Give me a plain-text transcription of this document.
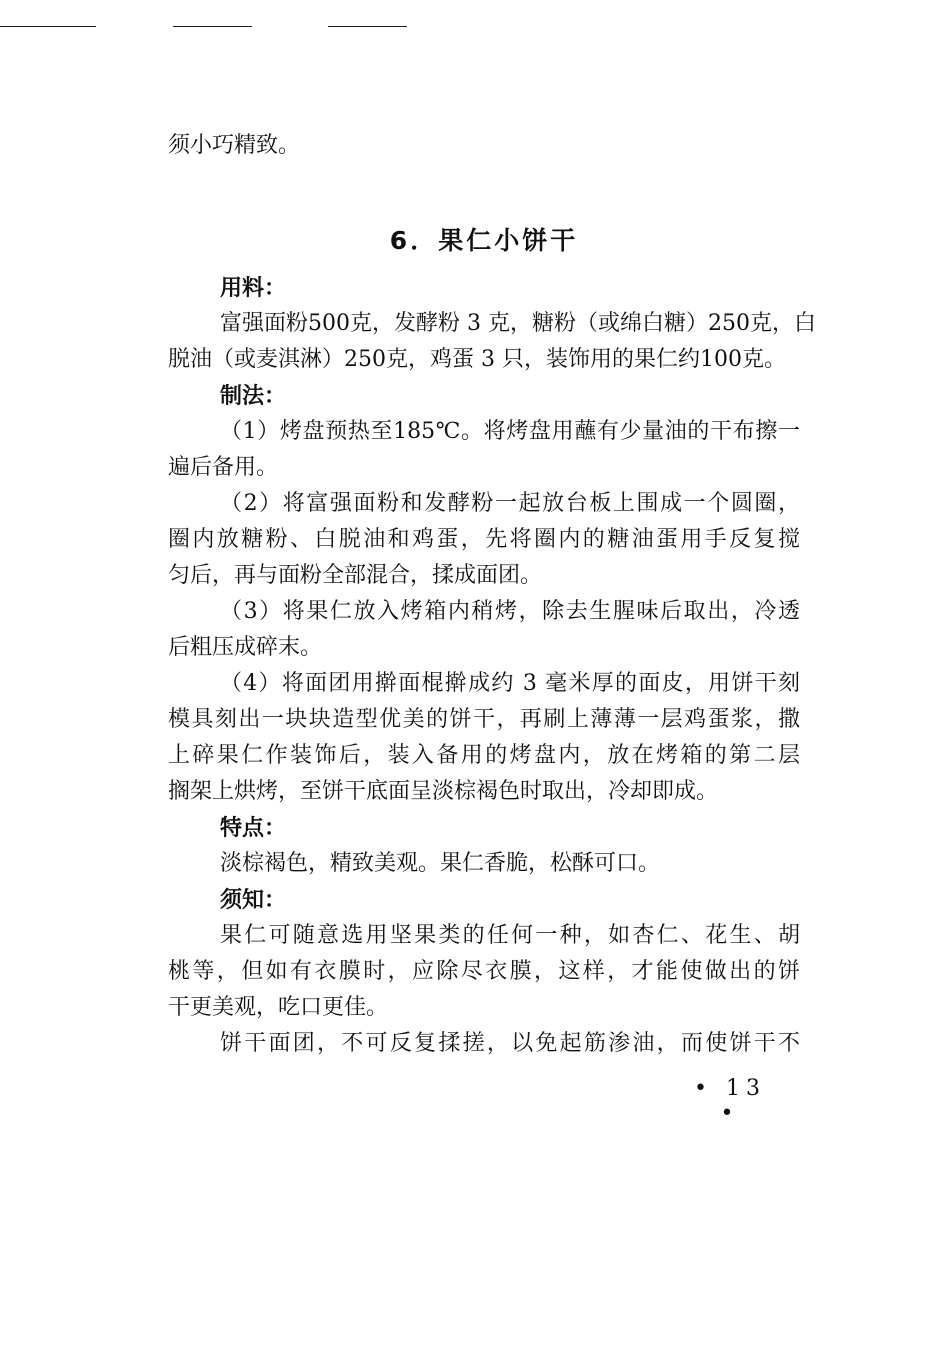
须小巧精致。

6．果仁小饼干

用料：

富强面粉500克，发酵粉 3 克，糖粉（或绵白糖）250克，白

脱油（或麦淇淋）250克，鸡蛋 3 只，装饰用的果仁约100克。

制法：

（1）烤盘预热至185℃。将烤盘用蘸有少量油的干布擦一

遍后备用。

（2）将富强面粉和发酵粉一起放台板上围成一个圆圈，

圈内放糖粉、白脱油和鸡蛋，先将圈内的糖油蛋用手反复搅

匀后，再与面粉全部混合，揉成面团。

（3）将果仁放入烤箱内稍烤，除去生腥味后取出，冷透

后粗压成碎末。

（4）将面团用擀面棍擀成约 3 毫米厚的面皮，用饼干刻

模具刻出一块块造型优美的饼干，再刷上薄薄一层鸡蛋浆，撒

上碎果仁作装饰后，装入备用的烤盘内，放在烤箱的第二层

搁架上烘烤，至饼干底面呈淡棕褐色时取出，冷却即成。

特点：

淡棕褐色，精致美观。果仁香脆，松酥可口。

须知：

果仁可随意选用坚果类的任何一种，如杏仁、花生、胡

桃等，但如有衣膜时，应除尽衣膜，这样，才能使做出的饼

干更美观，吃口更佳。

饼干面团，不可反复揉搓，以免起筋渗油，而使饼干不

• 13 •
